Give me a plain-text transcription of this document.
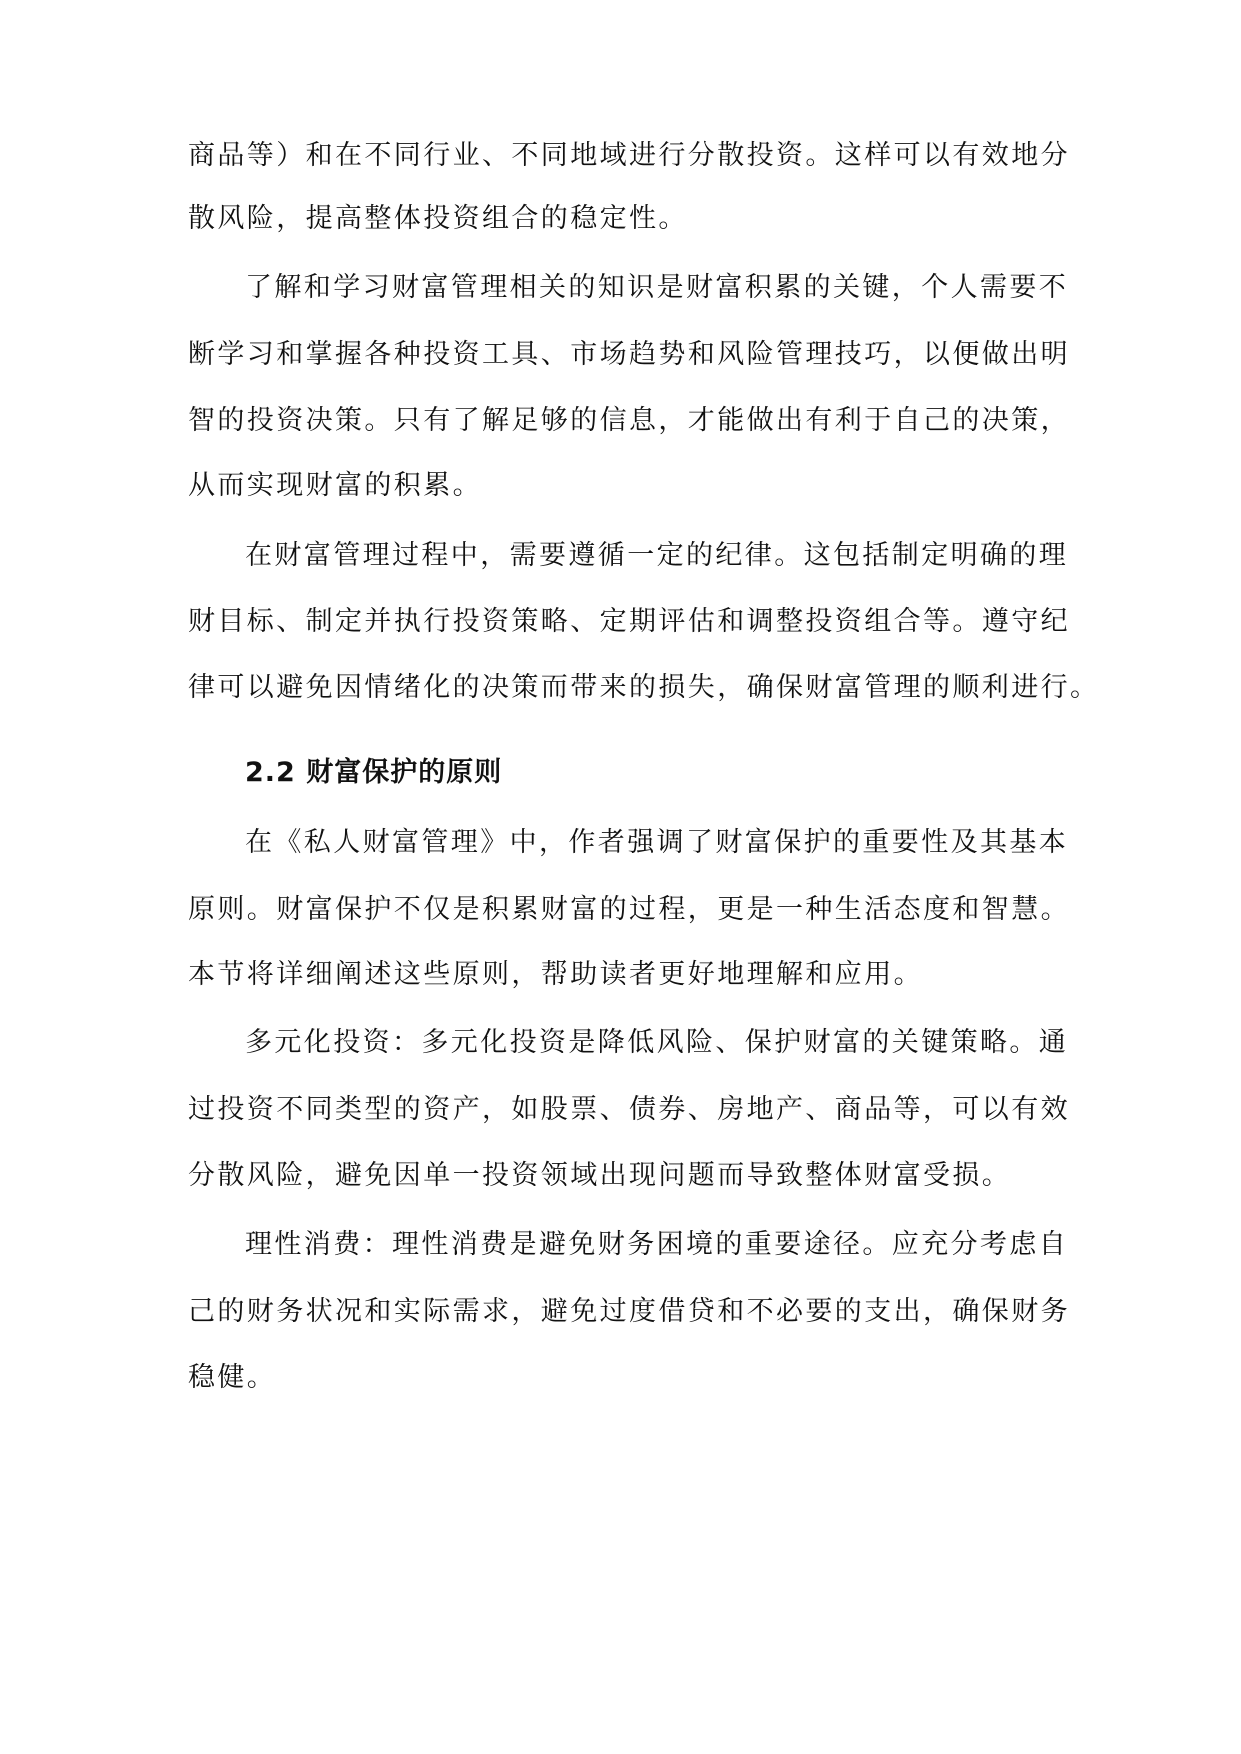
商品等）和在不同行业、不同地域进行分散投资。这样可以有效地分
散风险，提高整体投资组合的稳定性。
了解和学习财富管理相关的知识是财富积累的关键，个人需要不
断学习和掌握各种投资工具、市场趋势和风险管理技巧，以便做出明
智的投资决策。只有了解足够的信息，才能做出有利于自己的决策，
从而实现财富的积累。
在财富管理过程中，需要遵循一定的纪律。这包括制定明确的理
财目标、制定并执行投资策略、定期评估和调整投资组合等。遵守纪
律可以避免因情绪化的决策而带来的损失，确保财富管理的顺利进行。
2.2 财富保护的原则
在《私人财富管理》中，作者强调了财富保护的重要性及其基本
原则。财富保护不仅是积累财富的过程，更是一种生活态度和智慧。
本节将详细阐述这些原则，帮助读者更好地理解和应用。
多元化投资：多元化投资是降低风险、保护财富的关键策略。通
过投资不同类型的资产，如股票、债券、房地产、商品等，可以有效
分散风险，避免因单一投资领域出现问题而导致整体财富受损。
理性消费：理性消费是避免财务困境的重要途径。应充分考虑自
己的财务状况和实际需求，避免过度借贷和不必要的支出，确保财务
稳健。
